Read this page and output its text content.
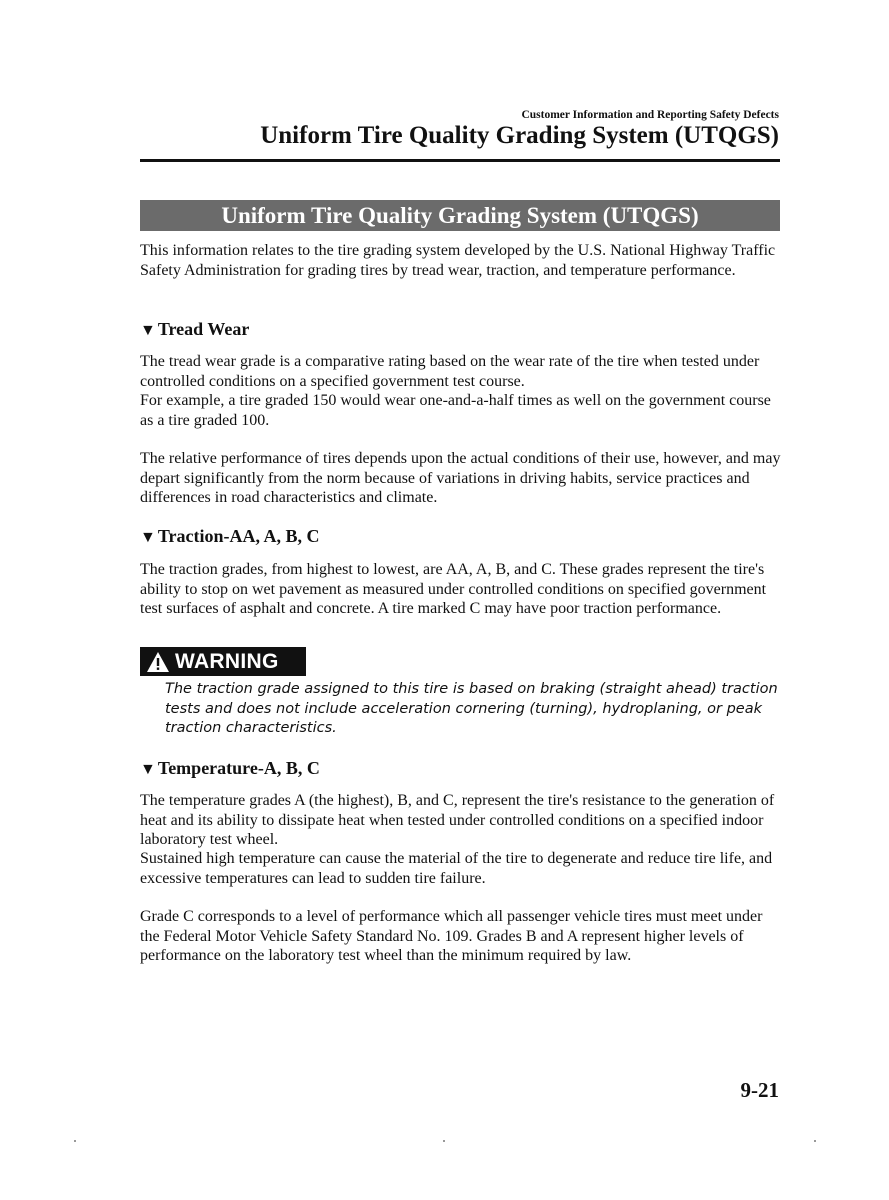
Customer Information and Reporting Safety Defects
Uniform Tire Quality Grading System (UTQGS)
Uniform Tire Quality Grading System (UTQGS)

This information relates to the tire grading system developed by the U.S. National Highway Traffic Safety Administration for grading tires by tread wear, traction, and temperature performance.

▼ Tread Wear

The tread wear grade is a comparative rating based on the wear rate of the tire when tested under controlled conditions on a specified government test course.

For example, a tire graded 150 would wear one-and-a-half times as well on the government course as a tire graded 100.

The relative performance of tires depends upon the actual conditions of their use, however, and may depart significantly from the norm because of variations in driving habits, service practices and differences in road characteristics and climate.

▼ Traction-AA, A, B, C

The traction grades, from highest to lowest, are AA, A, B, and C. These grades represent the tire's ability to stop on wet pavement as measured under controlled conditions on specified government test surfaces of asphalt and concrete. A tire marked C may have poor traction performance.

WARNING

The traction grade assigned to this tire is based on braking (straight ahead) traction tests and does not include acceleration cornering (turning), hydroplaning, or peak traction characteristics.

▼ Temperature-A, B, C

The temperature grades A (the highest), B, and C, represent the tire's resistance to the generation of heat and its ability to dissipate heat when tested under controlled conditions on a specified indoor laboratory test wheel.

Sustained high temperature can cause the material of the tire to degenerate and reduce tire life, and excessive temperatures can lead to sudden tire failure.

Grade C corresponds to a level of performance which all passenger vehicle tires must meet under the Federal Motor Vehicle Safety Standard No. 109. Grades B and A represent higher levels of performance on the laboratory test wheel than the minimum required by law.

9-21
